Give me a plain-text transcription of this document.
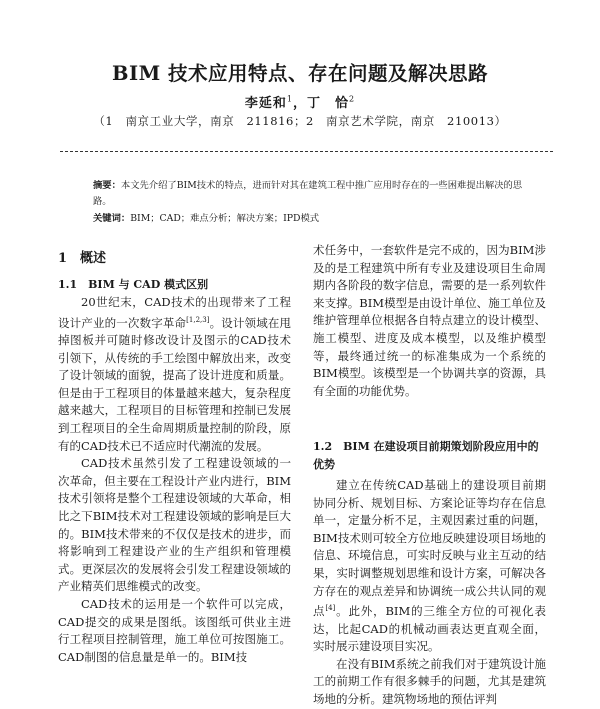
BIM 技术应用特点、存在问题及解决思路
李延和$^1$，丁　恰$^2$
（1　南京工业大学，南京　211816；2　南京艺术学院，南京　210013）
摘要：本文先介绍了BIM技术的特点，进而针对其在建筑工程中推广应用时存在的一些困难提出解决的思路。
关键词：BIM；CAD；难点分析；解决方案；IPD模式
1　概述
1.1　BIM 与 CAD 模式区别
20世纪末，CAD技术的出现带来了工程设计产业的一次数字革命[1,2,3]。设计领域在甩掉图板并可随时修改设计及图示的CAD技术引领下，从传统的手工绘图中解放出来，改变了设计领域的面貌，提高了设计进度和质量。但是由于工程项目的体量越来越大，复杂程度越来越大，工程项目的目标管理和控制已发展到工程项目的全生命周期质量控制的阶段，原有的CAD技术已不适应时代潮流的发展。
CAD技术虽然引发了工程建设领域的一次革命，但主要在工程设计产业内进行，BIM技术引领将是整个工程建设领域的大革命，相比之下BIM技术对工程建设领域的影响是巨大的。BIM技术带来的不仅仅是技术的进步，而将影响到工程建设产业的生产组织和管理模式。更深层次的发展将会引发工程建设领域的产业精英们思维模式的改变。
CAD技术的运用是一个软件可以完成，CAD提交的成果是图纸。该图纸可供业主进行工程项目控制管理，施工单位可按图施工。CAD制图的信息量是单一的。BIM技
术任务中，一套软件是完不成的，因为BIM涉及的是工程建筑中所有专业及建设项目生命周期内各阶段的数字信息，需要的是一系列软件来支撑。BIM模型是由设计单位、施工单位及维护管理单位根据各自特点建立的设计模型、施工模型、进度及成本模型，以及维护模型等，最终通过统一的标准集成为一个系统的BIM模型。该模型是一个协调共享的资源，具有全面的功能优势。
1.2　BIM 在建设项目前期策划阶段应用中的优势
建立在传统CAD基础上的建设项目前期协同分析、规划目标、方案论证等均存在信息单一，定量分析不足，主观因素过重的问题，BIM技术则可较全方位地反映建设项目场地的信息、环境信息，可实时反映与业主互动的结果，实时调整规划思维和设计方案，可解决各方存在的观点差异和协调统一成公共认同的观点[4]。此外，BIM的三维全方位的可视化表达，比起CAD的机械动画表达更直观全面，实时展示建设项目实况。
在没有BIM系统之前我们对于建筑设计施工的前期工作有很多棘手的问题，尤其是建筑场地的分析。建筑物场地的预估评判
